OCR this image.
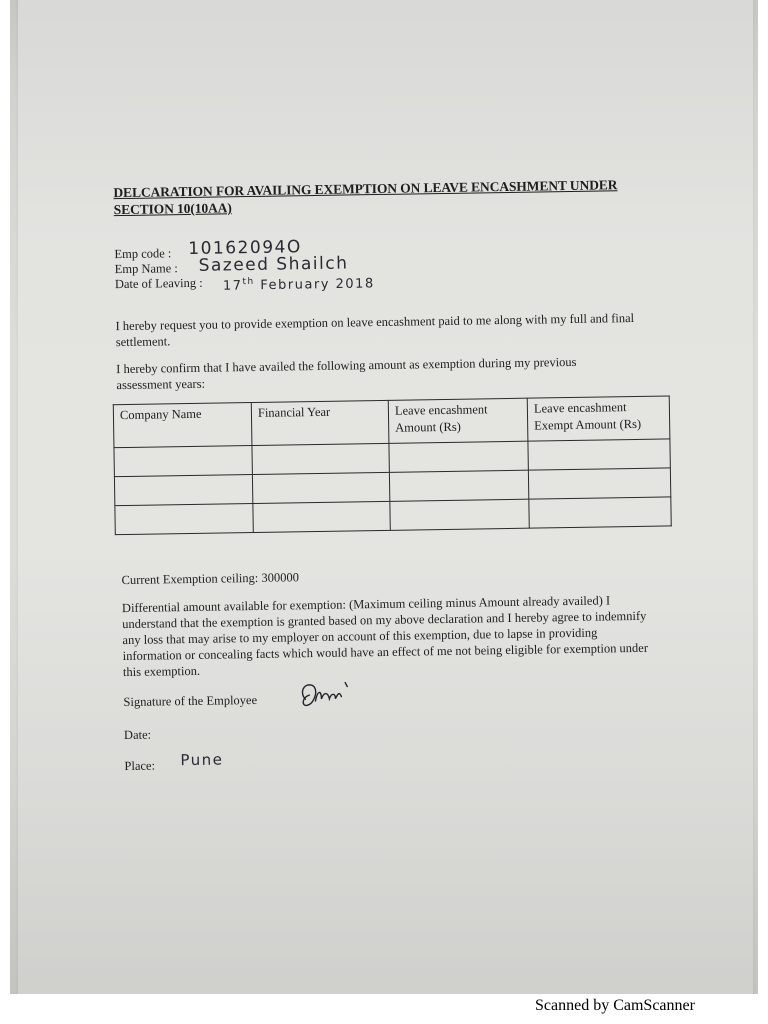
DELCARATION FOR AVAILING EXEMPTION ON LEAVE ENCASHMENT UNDER SECTION 10(10AA)
Emp code : 10162094O
Emp Name : Sazeed Shailch
Date of Leaving : 17th February 2018
I hereby request you to provide exemption on leave encashment paid to me along with my full and final settlement.
I hereby confirm that I have availed the following amount as exemption during my previous assessment years:
Company Name	Financial Year	Leave encashment Amount (Rs)	Leave encashment Exempt Amount (Rs)

Current Exemption ceiling: 300000
Differential amount available for exemption: (Maximum ceiling minus Amount already availed) I understand that the exemption is granted based on my above declaration and I hereby agree to indemnify any loss that may arise to my employer on account of this exemption, due to lapse in providing information or concealing facts which would have an effect of me not being eligible for exemption under this exemption.
Signature of the Employee
Date:
Place: Pune
Scanned by CamScanner
